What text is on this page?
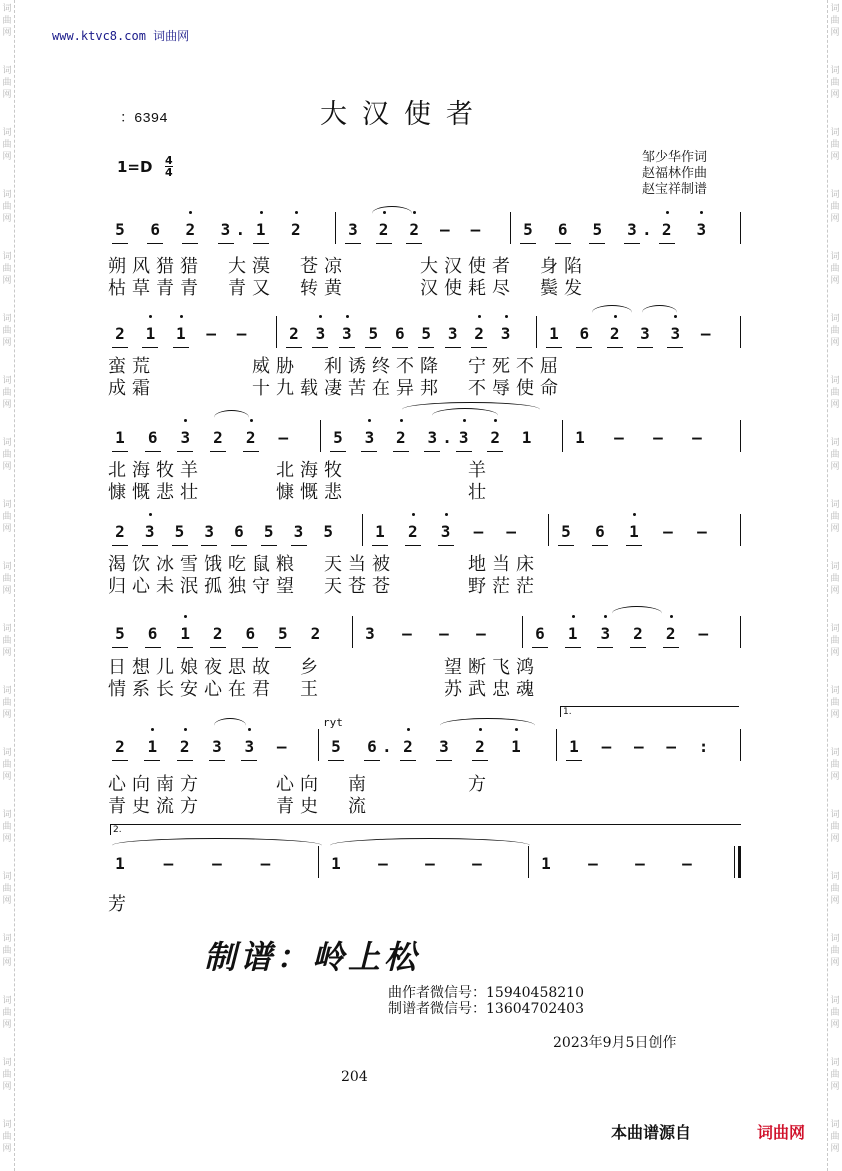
词
曲
网
词
曲
网
词
曲
网
词
曲
网
词
曲
网
词
曲
网
词
曲
网
词
曲
网
词
曲
网
词
曲
网
词
曲
网
词
曲
网
词
曲
网
词
曲
网
词
曲
网
词
曲
网
词
曲
网
词
曲
网
词
曲
网
词
曲
网
词
曲
网
词
曲
网
词
曲
网
词
曲
网
词
曲
网
词
曲
网
词
曲
网
词
曲
网
词
曲
网
词
曲
网
词
曲
网
词
曲
网
词
曲
网
词
曲
网
词
曲
网
词
曲
网
词
曲
网
词
曲
网
www.ktvc8.com 词曲网
：6394	大汉使者
$1=D \frac{4}{4}$	邹少华作词
赵福林作曲
赵宝祥制谱
5 6 2 3 . 1 2	3 2 2 – –	5 6 5 3 . 2 3
朔风猎猎　大漠　苍凉　　　大汉使者　身陷
枯草青青　青又　转黄　　　汉使耗尽　鬓发
2 1 1 – –	2 3 3 5 6 5 3 2 3 1 6 2 3 3 –
蛮荒　　　　威胁　利诱终不降　宁死不屈
成霜　　　　十九载凄苦在异邦　不辱使命
1 6 3 2 2 –	5 3 2 3 . 3 2 1	1 – – –
北海牧羊　　　北海牧　　　　　羊
慷慨悲壮　　　慷慨悲　　　　　壮
2 3 5 3 6 5 3 5	1 2 3 – –	5 6 1 – –
渴饮冰雪饿吃鼠粮　天当被　　　地当床
归心未泯孤独守望　天苍苍　　　野茫茫
5 6 1 2 6 5 2	3 – – –	6 1 3 2 2 –
日想儿娘夜思故　乡　　　　　望断飞鸿
情系长安心在君　王　　　　　苏武忠魂
2 1 2 3 3 –	5 6 . 2 3 2 1	1 – – – :
心向南方　　　心向　南　　　　方
青史流方　　　青史　流
1 – – –	1 – – –	1 – – –
芳
1.
2.
ryt
制谱：岭上松
曲作者微信号：15940458210
制谱者微信号：13604702403
2023年9月5日创作
204
本曲谱源自	词曲网
